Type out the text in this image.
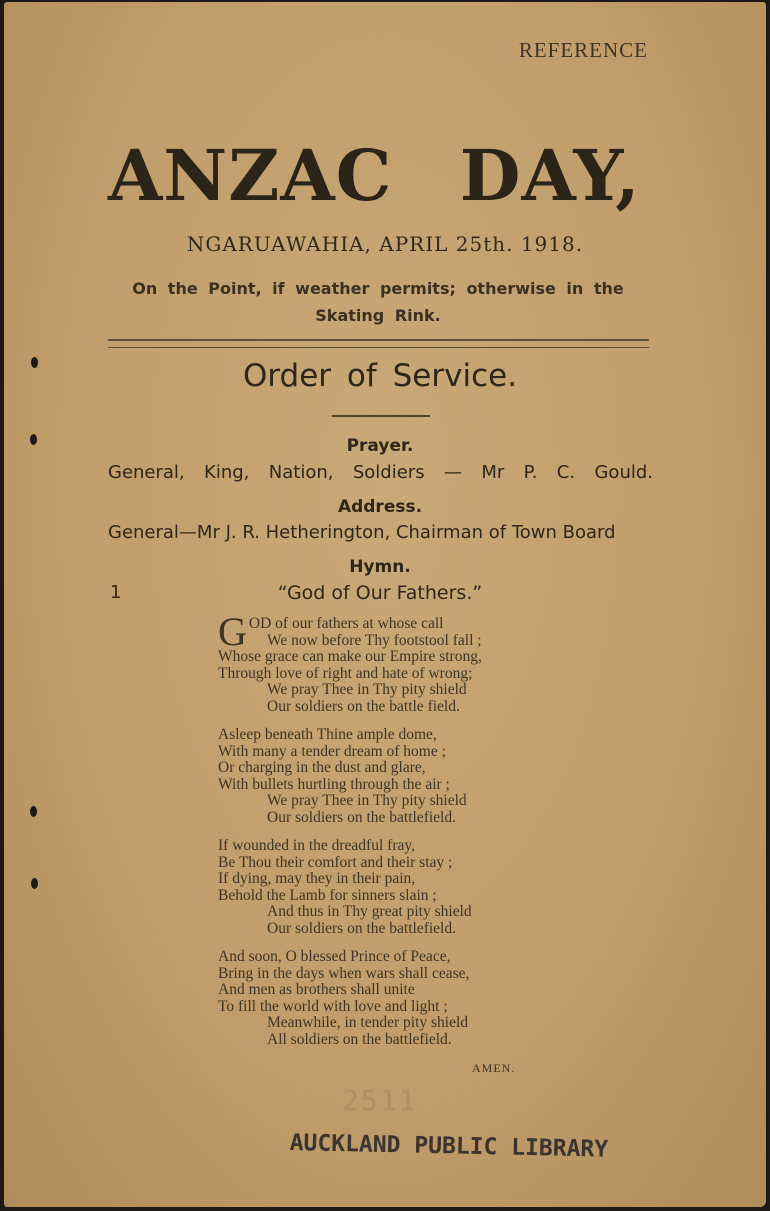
REFERENCE
ANZAC DAY,
NGARUAWAHIA, APRIL 25th. 1918.
On the Point, if weather permits; otherwise in the Skating Rink.
Order of Service.
Prayer.
General, King, Nation, Soldiers — Mr P. C. Gould.
Address.
General—Mr J. R. Hetherington, Chairman of Town Board
Hymn.
1	“God of Our Fathers.”
G OD of our fathers at whose call
We now before Thy footstool fall ;
Whose grace can make our Empire strong,
Through love of right and hate of wrong;
We pray Thee in Thy pity shield
Our soldiers on the battle field.
Asleep beneath Thine ample dome,
With many a tender dream of home ;
Or charging in the dust and glare,
With bullets hurtling through the air ;
We pray Thee in Thy pity shield
Our soldiers on the battlefield.
If wounded in the dreadful fray,
Be Thou their comfort and their stay ;
If dying, may they in their pain,
Behold the Lamb for sinners slain ;
And thus in Thy great pity shield
Our soldiers on the battlefield.
And soon, O blessed Prince of Peace,
Bring in the days when wars shall cease,
And men as brothers shall unite
To fill the world with love and light ;
Meanwhile, in tender pity shield
All soldiers on the battlefield.
AMEN.
2511
AUCKLAND PUBLIC LIBRARY
